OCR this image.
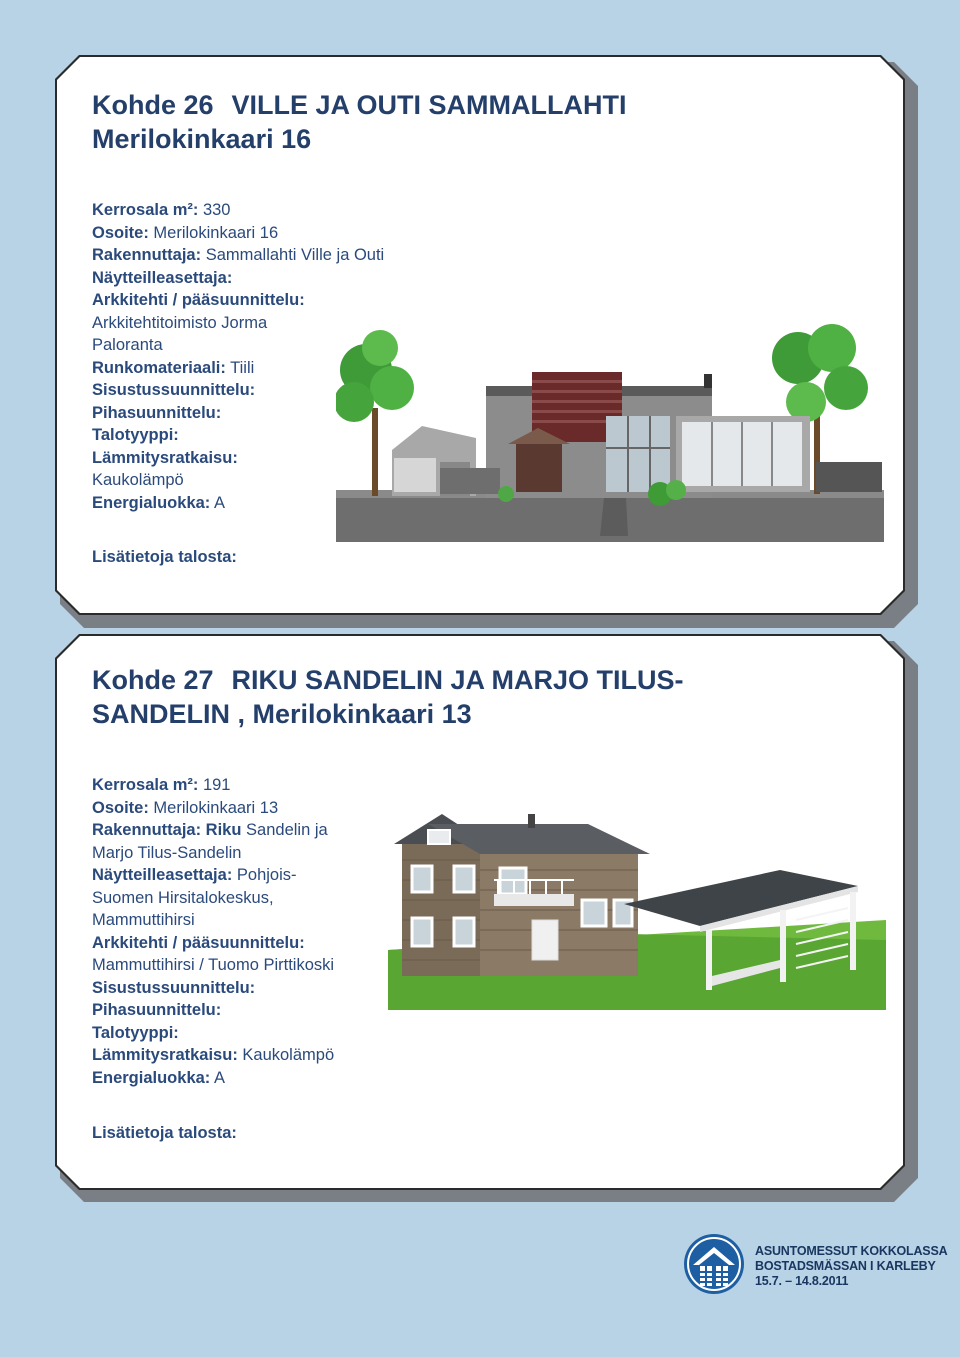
Kohde 26 VILLE JA OUTI SAMMALLAHTI
Merilokinkaari 16
Kerrosala m²: 330
Osoite: Merilokinkaari 16
Rakennuttaja: Sammallahti Ville ja Outi
Näytteilleasettaja:
Arkkitehti / pääsuunnittelu:
Arkkitehtitoimisto Jorma
Paloranta
Runkomateriaali: Tiili
Sisustussuunnittelu:
Pihasuunnittelu:
Talotyyppi:
Lämmitysratkaisu:
Kaukolämpö
Energialuokka: A

Lisätietoja talosta:

Kohde 27 RIKU SANDELIN JA MARJO TILUS-
SANDELIN , Merilokinkaari 13
Kerrosala m²: 191
Osoite: Merilokinkaari 13
Rakennuttaja: Riku Sandelin ja
Marjo Tilus-Sandelin
Näytteilleasettaja: Pohjois-
Suomen Hirsitalokeskus,
Mammuttihirsi
Arkkitehti / pääsuunnittelu:
Mammuttihirsi / Tuomo Pirttikoski
Sisustussuunnittelu:
Pihasuunnittelu:
Talotyyppi:
Lämmitysratkaisu: Kaukolämpö
Energialuokka: A

Lisätietoja talosta:

ASUNTOMESSUT KOKKOLASSA
BOSTADSMÄSSAN I KARLEBY
15.7. – 14.8.2011
